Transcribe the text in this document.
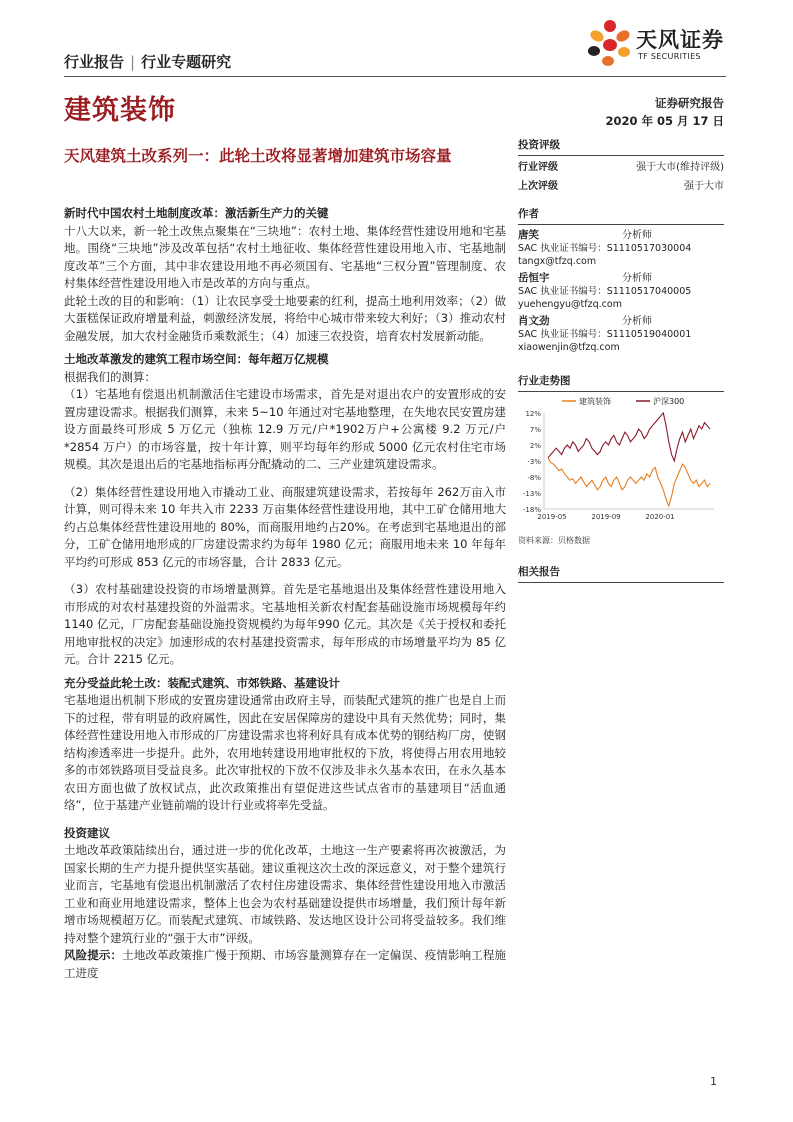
行业报告 | 行业专题研究
天风证券
TF SECURITIES
建筑装饰	证券研究报告
2020 年 05 月 17 日
天风建筑土改系列一：此轮土改将显著增加建筑市场容量
投资评级
行业评级	强于大市(维持评级)
上次评级	强于大市
作者
唐笑	分析师
SAC 执业证书编号：S1110517030004
tangx@tfzq.com
岳恒宇	分析师
SAC 执业证书编号：S1110517040005
yuehengyu@tfzq.com
肖文劲	分析师
SAC 执业证书编号：S1110519040001
xiaowenjin@tfzq.com
行业走势图
建筑装饰	沪深300
12%
7%
2%
-3%
-8%
-13%
-18%
2019-05	2019-09	2020-01
资料来源：贝格数据
相关报告
新时代中国农村土地制度改革：激活新生产力的关键

十八大以来，新一轮土改焦点聚集在“三块地”：农村土地、集体经营性建设用地和宅基地。围绕“三块地”涉及改革包括“农村土地征收、集体经营性建设用地入市、宅基地制度改革”三个方面，其中非农建设用地不再必须国有、宅基地“三权分置”管理制度、农村集体经营性建设用地入市是改革的方向与重点。

此轮土改的目的和影响：（1）让农民享受土地要素的红利，提高土地利用效率；（2）做大蛋糕保证政府增量利益，刺激经济发展，将给中心城市带来较大利好；（3）推动农村金融发展，加大农村金融货币乘数派生；（4）加速三农投资，培育农村发展新动能。

土地改革激发的建筑工程市场空间：每年超万亿规模

根据我们的测算：

（1）宅基地有偿退出机制激活住宅建设市场需求，首先是对退出农户的安置形成的安置房建设需求。根据我们测算，未来 5~10 年通过对宅基地整理，在失地农民安置房建设方面最终可形成 5 万亿元（独栋 12.9 万元/户*1902万户+公寓楼 9.2 万元/户*2854 万户）的市场容量，按十年计算，则平均每年约形成 5000 亿元农村住宅市场规模。其次是退出后的宅基地指标再分配撬动的二、三产业建筑建设需求。

（2）集体经营性建设用地入市撬动工业、商服建筑建设需求，若按每年 262万亩入市计算，则可得未来 10 年共入市 2233 万亩集体经营性建设用地，其中工矿仓储用地大约占总集体经营性建设用地的 80%，而商服用地约占20%。在考虑到宅基地退出的部分，工矿仓储用地形成的厂房建设需求约为每年 1980 亿元；商服用地未来 10 年每年平均约可形成 853 亿元的市场容量，合计 2833 亿元。

（3）农村基础建设投资的市场增量测算。首先是宅基地退出及集体经营性建设用地入市形成的对农村基建投资的外溢需求。宅基地相关新农村配套基础设施市场规模每年约 1140 亿元，厂房配套基础设施投资规模约为每年990 亿元。其次是《关于授权和委托用地审批权的决定》加速形成的农村基建投资需求，每年形成的市场增量平均为 85 亿元。合计 2215 亿元。

充分受益此轮土改：装配式建筑、市郊铁路、基建设计

宅基地退出机制下形成的安置房建设通常由政府主导，而装配式建筑的推广也是自上而下的过程，带有明显的政府属性，因此在安居保障房的建设中具有天然优势；同时，集体经营性建设用地入市形成的厂房建设需求也将利好具有成本优势的钢结构厂房，使钢结构渗透率进一步提升。此外，农用地转建设用地审批权的下放，将使得占用农用地较多的市郊铁路项目受益良多。此次审批权的下放不仅涉及非永久基本农田，在永久基本农田方面也做了放权试点，此次政策推出有望促进这些试点省市的基建项目“活血通络”，位于基建产业链前端的设计行业或将率先受益。

投资建议

土地改革政策陆续出台，通过进一步的优化改革，土地这一生产要素将再次被激活，为国家长期的生产力提升提供坚实基础。建议重视这次土改的深远意义，对于整个建筑行业而言，宅基地有偿退出机制激活了农村住房建设需求、集体经营性建设用地入市激活工业和商业用地建设需求，整体上也会为农村基础建设提供市场增量，我们预计每年新增市场规模超万亿。而装配式建筑、市域铁路、发达地区设计公司将受益较多。我们维持对整个建筑行业的“强于大市”评级。

风险提示：土地改革政策推广慢于预期、市场容量测算存在一定偏误、疫情影响工程施工进度

1
